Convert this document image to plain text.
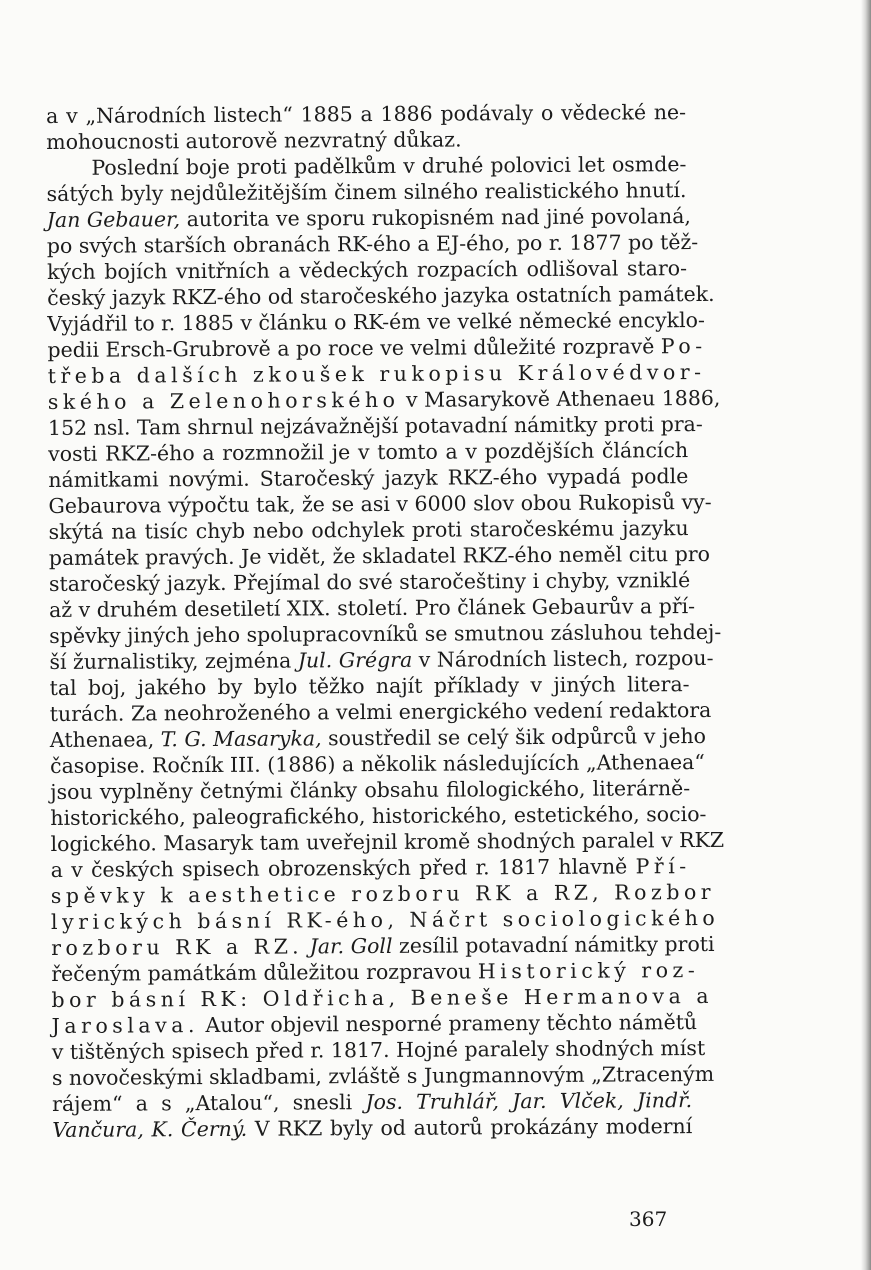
a v „Národních listech“ 1885 a 1886 podávaly o vědecké ne-
mohoucnosti autorově nezvratný důkaz.
Poslední boje proti padělkům v druhé polovici let osmde-
sátých byly nejdůležitějším činem silného realistického hnutí.
Jan Gebauer, autorita ve sporu rukopisném nad jiné povolaná,
po svých starších obranách RK-ého a EJ-ého, po r. 1877 po těž-
kých bojích vnitřních a vědeckých rozpacích odlišoval staro-
český jazyk RKZ-ého od staročeského jazyka ostatních památek.
Vyjádřil to r. 1885 v článku o RK-ém ve velké německé encyklo-
pedii Ersch-Grubrově a po roce ve velmi důležité rozpravě Po-
třeba dalších zkoušek rukopisu Královédvor-
ského a Zelenohorského v Masarykově Athenaeu 1886,
152 nsl. Tam shrnul nejzávažnější potavadní námitky proti pra-
vosti RKZ-ého a rozmnožil je v tomto a v pozdějších článcích
námitkami novými. Staročeský jazyk RKZ-ého vypadá podle
Gebaurova výpočtu tak, že se asi v 6000 slov obou Rukopisů vy-
skýtá na tisíc chyb nebo odchylek proti staročeskému jazyku
památek pravých. Je vidět, že skladatel RKZ-ého neměl citu pro
staročeský jazyk. Přejímal do své staročeštiny i chyby, vzniklé
až v druhém desetiletí XIX. století. Pro článek Gebaurův a pří-
spěvky jiných jeho spolupracovníků se smutnou zásluhou tehdej-
ší žurnalistiky, zejména Jul. Grégra v Národních listech, rozpou-
tal boj, jakého by bylo těžko najít příklady v jiných litera-
turách. Za neohroženého a velmi energického vedení redaktora
Athenaea, T. G. Masaryka, soustředil se celý šik odpůrců v jeho
časopise. Ročník III. (1886) a několik následujících „Athenaea“
jsou vyplněny četnými články obsahu filologického, literárně-
historického, paleografického, historického, estetického, socio-
logického. Masaryk tam uveřejnil kromě shodných paralel v RKZ
a v českých spisech obrozenských před r. 1817 hlavně Pří-
spěvky k aesthetice rozboru RK a RZ, Rozbor
lyrických básní RK-ého, Náčrt sociologického
rozboru RK a RZ. Jar. Goll zesílil potavadní námitky proti
řečeným památkám důležitou rozpravou Historický roz-
bor básní RK: Oldřicha, Beneše Hermanova a
Jaroslava. Autor objevil nesporné prameny těchto námětů
v tištěných spisech před r. 1817. Hojné paralely shodných míst
s novočeskými skladbami, zvláště s Jungmannovým „Ztraceným
rájem“ a s „Atalou“, snesli Jos. Truhlář, Jar. Vlček, Jindř.
Vančura, K. Černý. V RKZ byly od autorů prokázány moderní
367
